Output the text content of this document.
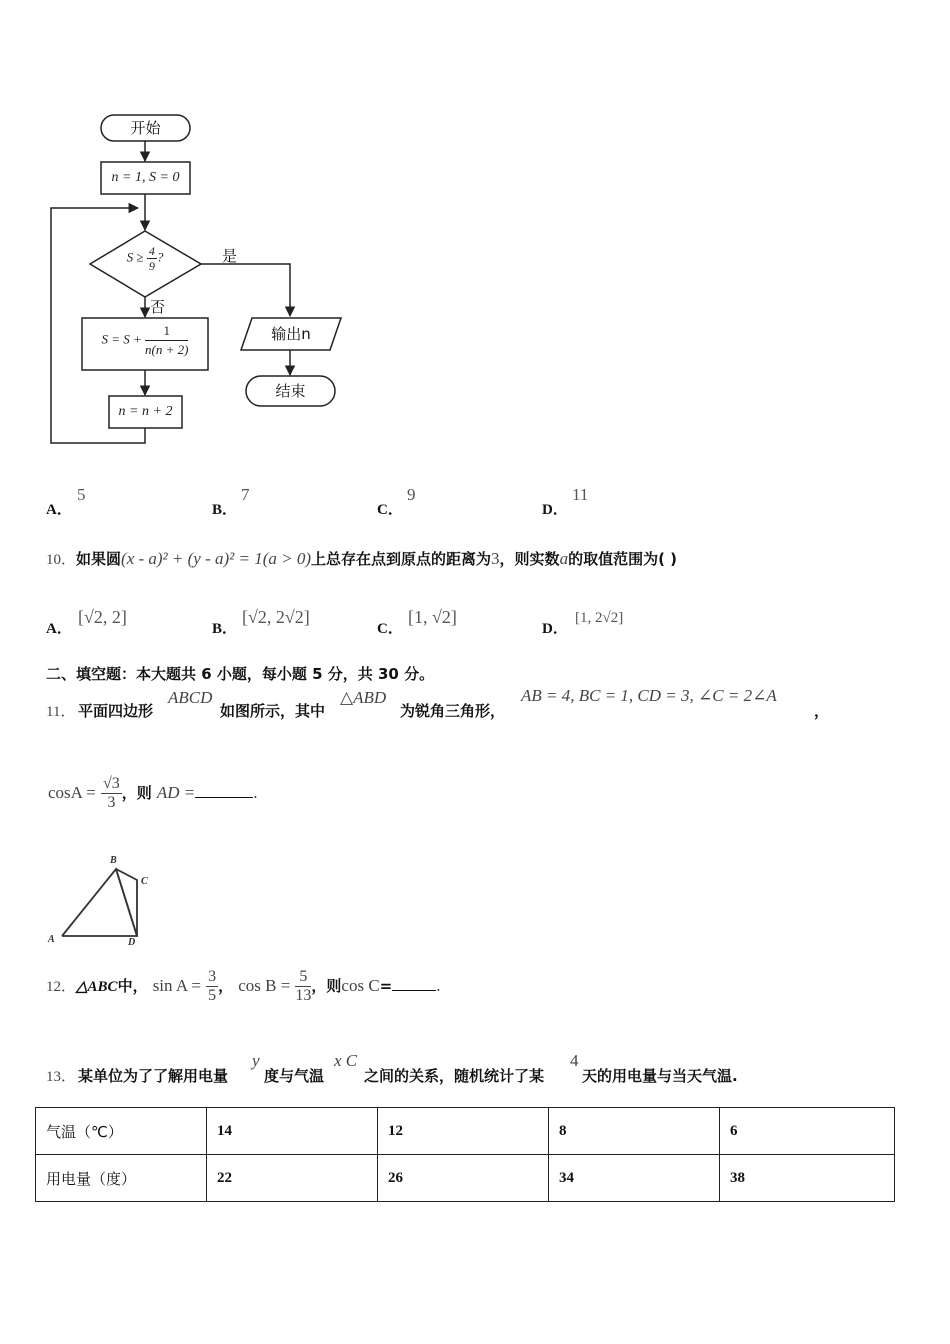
开始
n = 1, S = 0
$S \ge \frac{4}{9}$ ?	是
否
$S = S + \frac{1}{n(n + 2)}$
n = n + 2
输出n
结束
A．
5
B．
7
C．
9
D．
11
10．如果圆(x - a)² + (y - a)² = 1(a > 0)上总存在点到原点的距离为3，则实数a的取值范围为( )
A．
[√2, 2]
B．
[√2, 2√2]
C．
[1, √2]
D．
[1, 2√2]
二、填空题：本大题共 6 小题，每小题 5 分，共 30 分。
11． 平面四边形
ABCD
如图所示，其中
△ABD
为锐角三角形，
AB = 4, BC = 1, CD = 3, ∠C = 2∠A
，
$\cos A = \frac{√3}{3}$ ，则 AD =	.
B
C
A	D
12．△ABC中， $\sin A = \frac{3}{5}$ ， $\cos B = \frac{5}{13}$ ，则cos C=	.
13． 某单位为了了解用电量
y
度与气温
x C
之间的关系，随机统计了某
4
天的用电量与当天气温.
气温（℃）	14	12	8	6
用电量（度）	22	26	34	38
